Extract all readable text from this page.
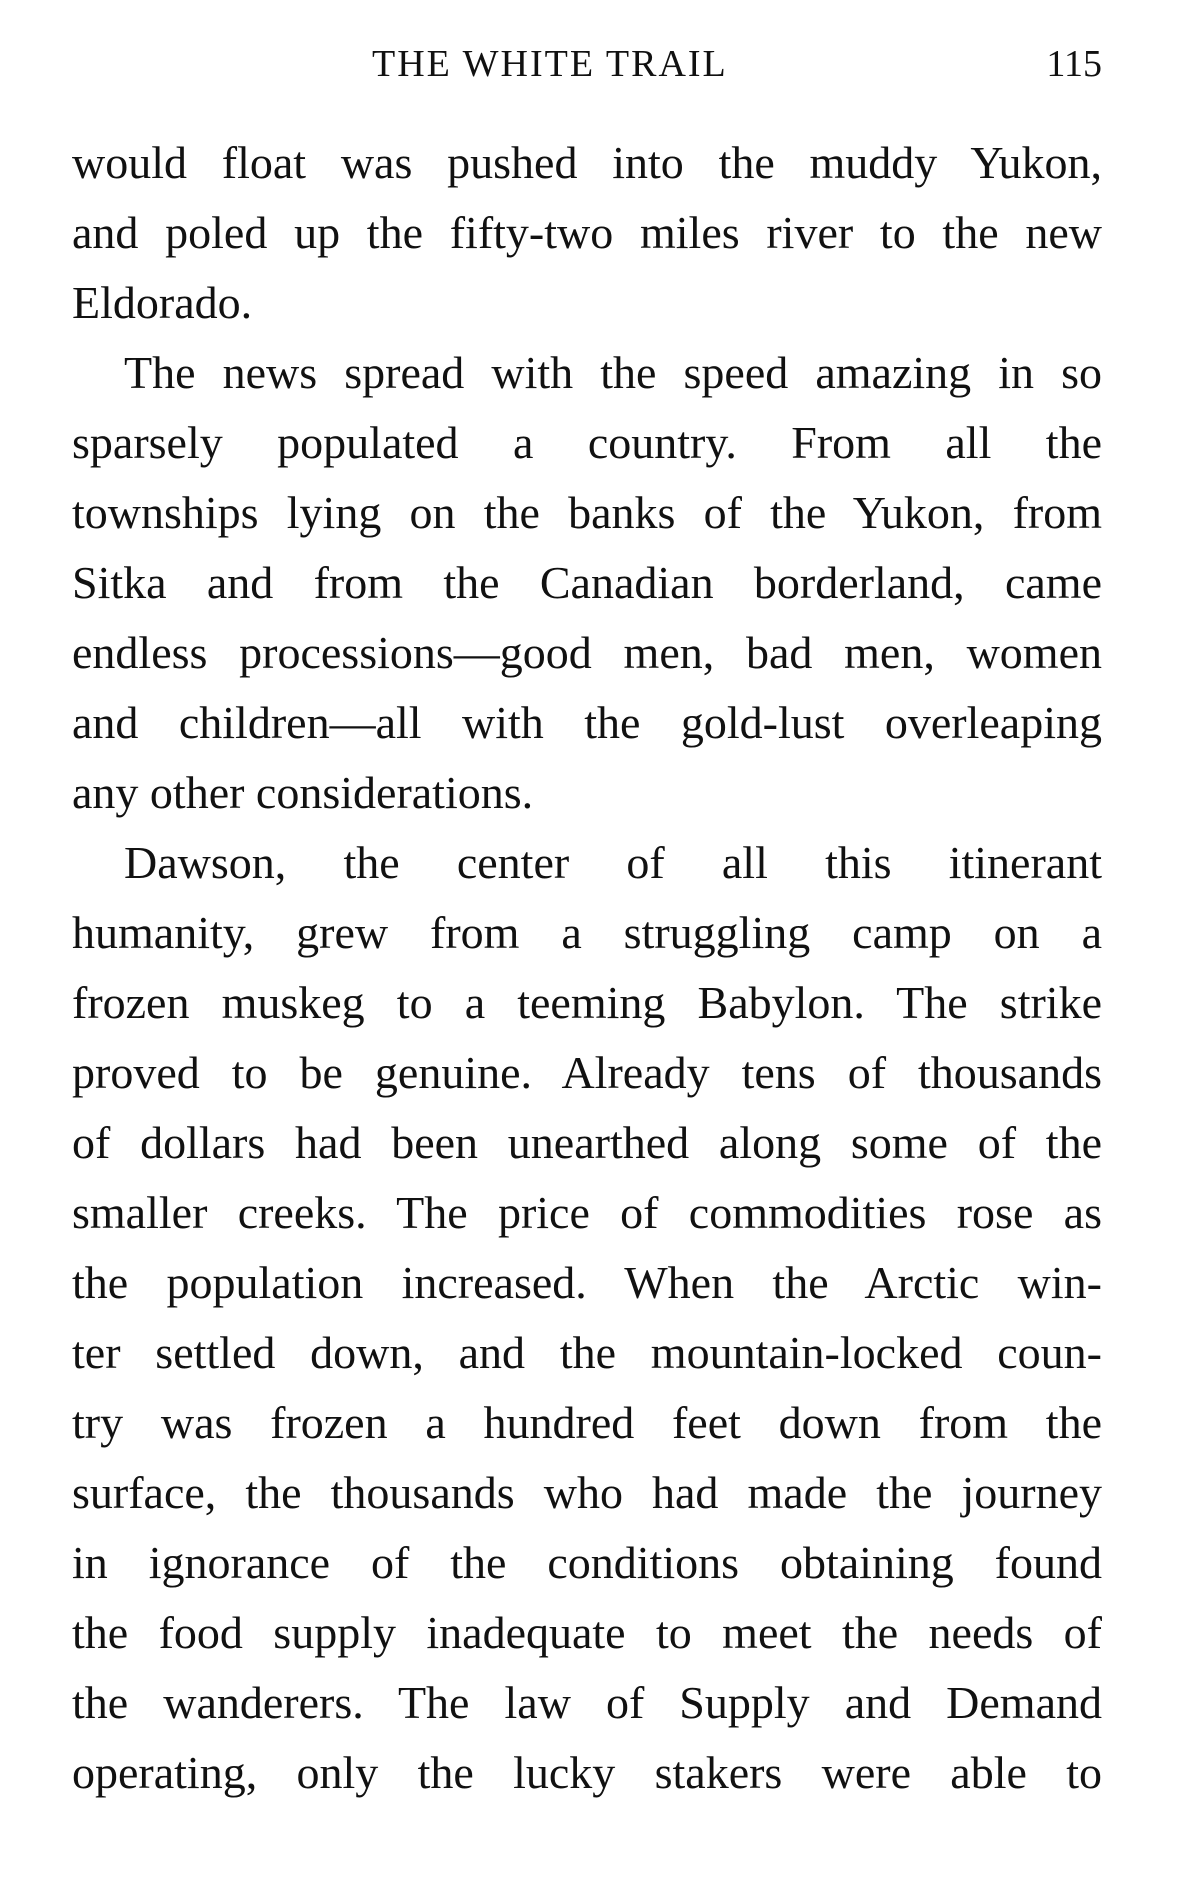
THE WHITE TRAIL	115
would float was pushed into the muddy Yukon,
and poled up the fifty-two miles river to the new
Eldorado.
The news spread with the speed amazing in so
sparsely populated a country. From all the
townships lying on the banks of the Yukon, from
Sitka and from the Canadian borderland, came
endless processions—good men, bad men, women
and children—all with the gold-lust overleaping
any other considerations.
Dawson, the center of all this itinerant
humanity, grew from a struggling camp on a
frozen muskeg to a teeming Babylon. The strike
proved to be genuine. Already tens of thousands
of dollars had been unearthed along some of the
smaller creeks. The price of commodities rose as
the population increased. When the Arctic win-
ter settled down, and the mountain-locked coun-
try was frozen a hundred feet down from the
surface, the thousands who had made the journey
in ignorance of the conditions obtaining found
the food supply inadequate to meet the needs of
the wanderers. The law of Supply and Demand
operating, only the lucky stakers were able to
